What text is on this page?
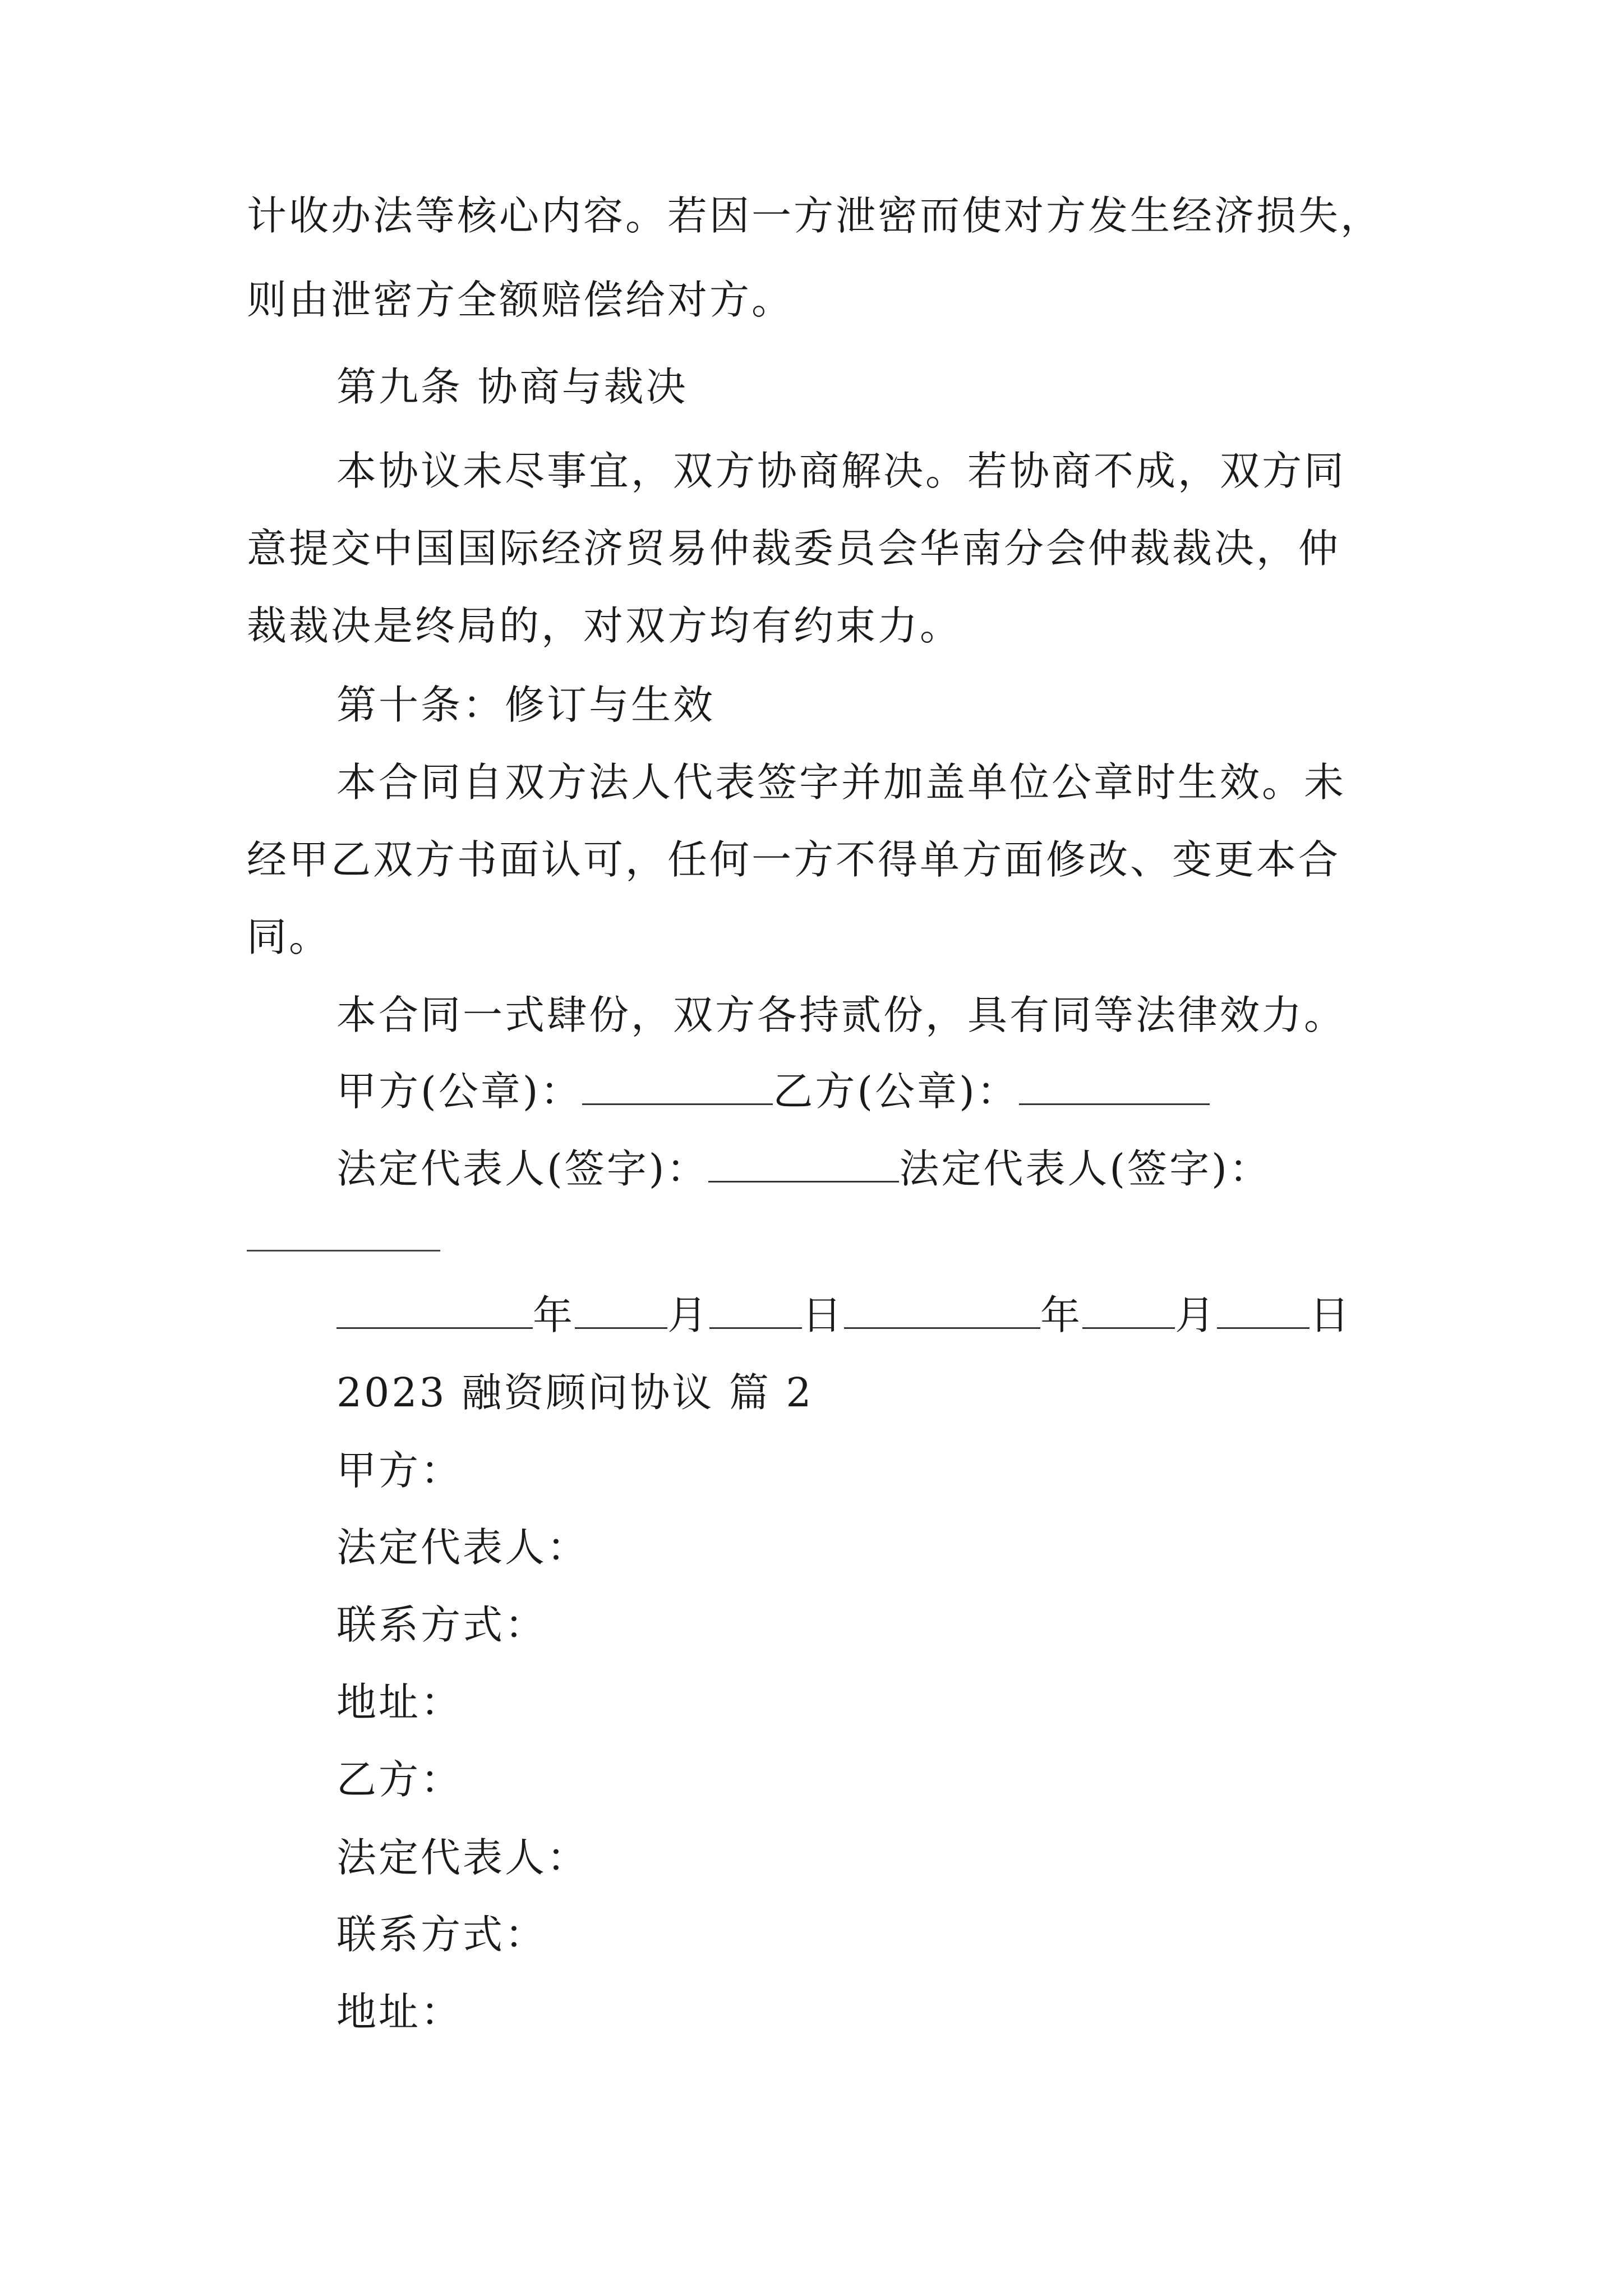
计收办法等核心内容。若因一方泄密而使对方发生经济损失，
则由泄密方全额赔偿给对方。
第九条 协商与裁决
本协议未尽事宜，双方协商解决。若协商不成，双方同
意提交中国国际经济贸易仲裁委员会华南分会仲裁裁决，仲
裁裁决是终局的，对双方均有约束力。
第十条：修订与生效
本合同自双方法人代表签字并加盖单位公章时生效。未
经甲乙双方书面认可，任何一方不得单方面修改、变更本合
同。
本合同一式肆份，双方各持贰份，具有同等法律效力。
甲方(公章)：	乙方(公章)：
法定代表人(签字)：	法定代表人(签字)：
年 月 日	年 月 日
2023 融资顾问协议 篇 2
甲方：
法定代表人：
联系方式：
地址：
乙方：
法定代表人：
联系方式：
地址：
